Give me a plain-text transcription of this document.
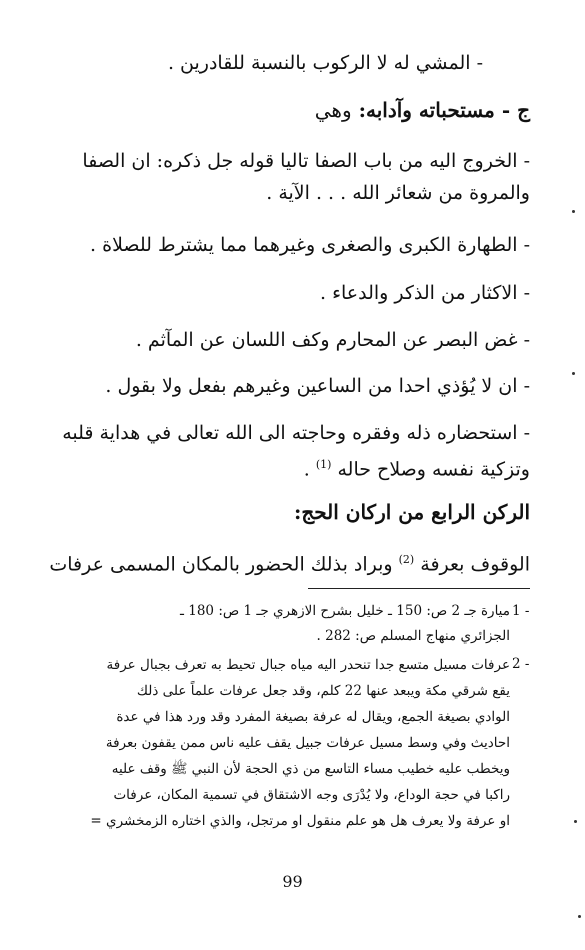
- المشي له لا الركوب بالنسبة للقادرين .
ج - مستحباته وآدابه: وهي
- الخروج اليه من باب الصفا تاليا قوله جل ذكره: ان الصفا
والمروة من شعائر الله . . . الآية .
- الطهارة الكبرى والصغرى وغيرهما مما يشترط للصلاة .
- الاكثار من الذكر والدعاء .
- غض البصر عن المحارم وكف اللسان عن المآثم .
- ان لا يُؤذي احدا من الساعين وغيرهم بفعل ولا بقول .
- استحضاره ذله وفقره وحاجته الى الله تعالى في هداية قلبه
وتزكية نفسه وصلاح حاله $^{(1)}$ .
الركن الرابع من اركان الحج:
الوقوف بعرفة $^{(2)}$ وبراد بذلك الحضور بالمكان المسمى عرفات
1 -
ميارة جـ 2 ص: 150 ـ خليل بشرح الازهري جـ 1 ص: 180 ـ
الجزائري منهاج المسلم ص: 282 .
2 -
عرفات مسيل متسع جدا تنحدر اليه مياه جبال تحيط به تعرف بجبال عرفة
يقع شرقي مكة ويبعد عنها 22 كلم، وقد جعل عرفات علماً على ذلك
الوادي بصيغة الجمع، ويقال له عرفة بصيغة المفرد وقد ورد هذا في عدة
احاديث وفي وسط مسيل عرفات جبيل يقف عليه ناس ممن يقفون بعرفة
ويخطب عليه خطيب مساء التاسع من ذي الحجة لأن النبي ﷺ وقف عليه
راكبا في حجة الوداع، ولا يُدْرَى وجه الاشتقاق في تسمية المكان، عرفات
او عرفة ولا يعرف هل هو علم منقول او مرتجل، والذي اختاره الزمخشري =
99
